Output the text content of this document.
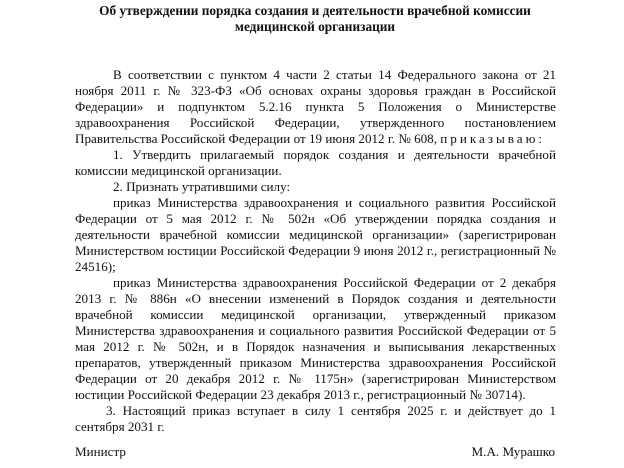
Об утверждении порядка создания и деятельности врачебной комиссии медицинской организации

В соответствии с пунктом 4 части 2 статьи 14 Федерального закона от 21 ноября 2011 г. № 323-ФЗ «Об основах охраны здоровья граждан в Российской Федерации» и подпунктом 5.2.16 пункта 5 Положения о Министерстве здравоохранения Российской Федерации, утвержденного постановлением Правительства Российской Федерации от 19 июня 2012 г. № 608, приказываю:

1. Утвердить прилагаемый порядок создания и деятельности врачебной комиссии медицинской организации.

2. Признать утратившими силу:

приказ Министерства здравоохранения и социального развития Российской Федерации от 5 мая 2012 г. № 502н «Об утверждении порядка создания и деятельности врачебной комиссии медицинской организации» (зарегистрирован Министерством юстиции Российской Федерации 9 июня 2012 г., регистрационный № 24516);

приказ Министерства здравоохранения Российской Федерации от 2 декабря 2013 г. № 886н «О внесении изменений в Порядок создания и деятельности врачебной комиссии медицинской организации, утвержденный приказом Министерства здравоохранения и социального развития Российской Федерации от 5 мая 2012 г. № 502н, и в Порядок назначения и выписывания лекарственных препаратов, утвержденный приказом Министерства здравоохранения Российской Федерации от 20 декабря 2012 г. № 1175н» (зарегистрирован Министерством юстиции Российской Федерации 23 декабря 2013 г., регистрационный № 30714).

3. Настоящий приказ вступает в силу 1 сентября 2025 г. и действует до 1 сентября 2031 г.

Министр	М.А. Мурашко
